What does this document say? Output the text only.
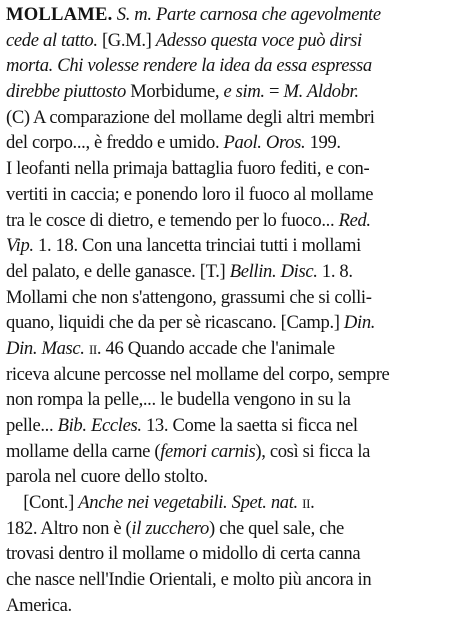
MOLLAME. S. m. Parte carnosa che agevolmente
cede al tatto. [G.M.] Adesso questa voce può dirsi
morta. Chi volesse rendere la idea da essa espressa
direbbe piuttosto Morbidume, e sim. = M. Aldobr.
(C) A comparazione del mollame degli altri membri
del corpo..., è freddo e umido. Paol. Oros. 199.
I leofanti nella primaja battaglia fuoro fediti, e con-
vertiti in caccia; e ponendo loro il fuoco al mollame
tra le cosce di dietro, e temendo per lo fuoco... Red.
Vip. 1. 18. Con una lancetta trinciai tutti i mollami
del palato, e delle ganasce. [T.] Bellin. Disc. 1. 8.
Mollami che non s'attengono, grassumi che si colli-
quano, liquidi che da per sè ricascano. [Camp.] Din.
Din. Masc. ii. 46 Quando accade che l'animale
riceva alcune percosse nel mollame del corpo, sempre
non rompa la pelle,... le budella vengono in su la
pelle... Bib. Eccles. 13. Come la saetta si ficca nel
mollame della carne (femori carnis), così si ficca la
parola nel cuore dello stolto.
[Cont.] Anche nei vegetabili. Spet. nat. ii.
182. Altro non è (il zucchero) che quel sale, che
trovasi dentro il mollame o midollo di certa canna
che nasce nell'Indie Orientali, e molto più ancora in
America.
